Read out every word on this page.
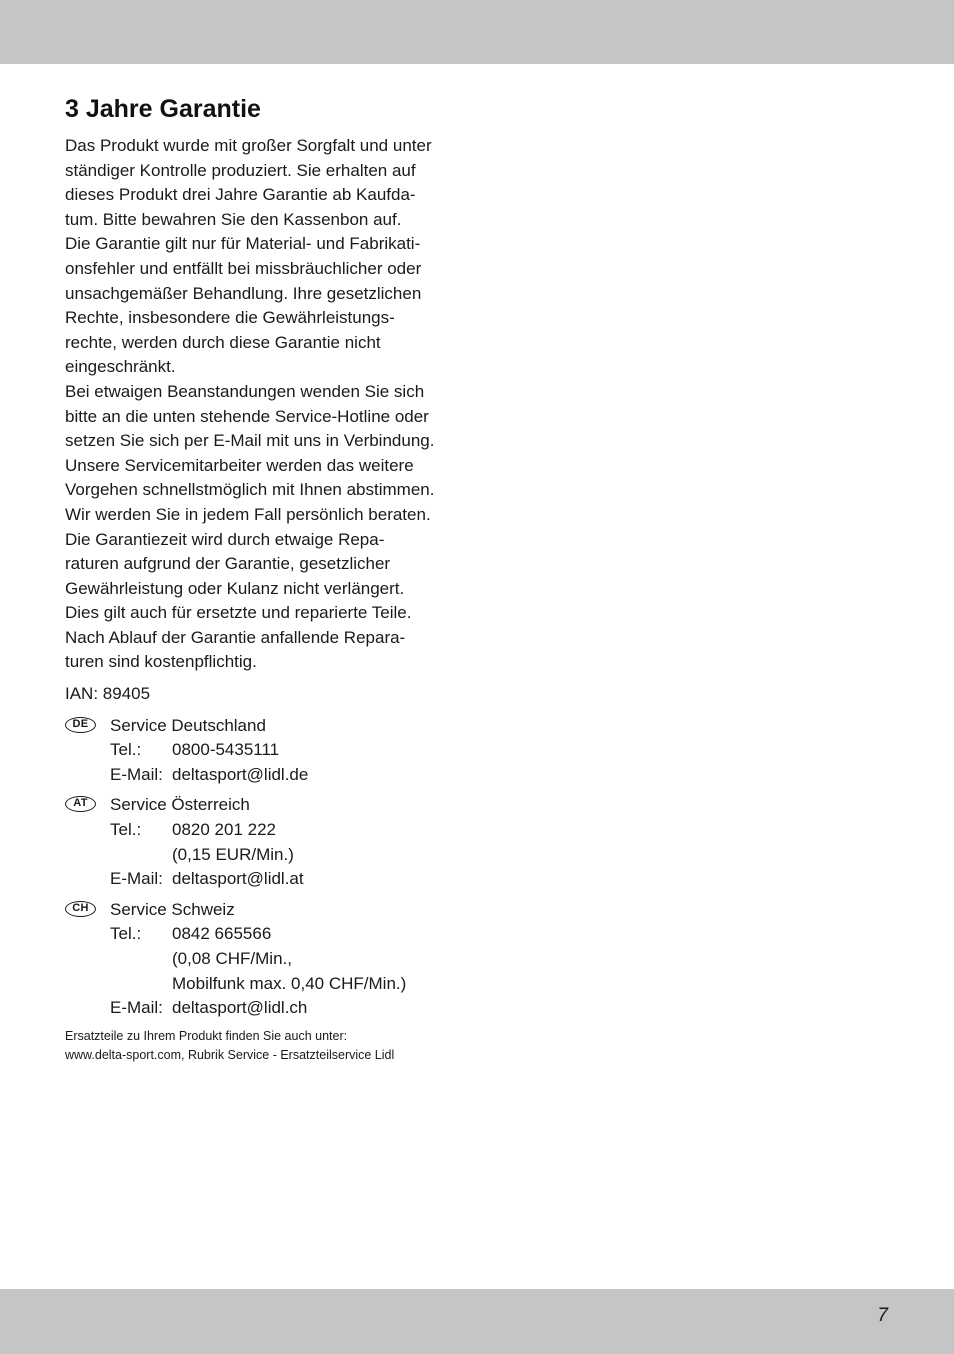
3 Jahre Garantie

Das Produkt wurde mit großer Sorgfalt und unter
ständiger Kontrolle produziert. Sie erhalten auf
dieses Produkt drei Jahre Garantie ab Kaufda-
tum. Bitte bewahren Sie den Kassenbon auf.

Die Garantie gilt nur für Material- und Fabrikati-
onsfehler und entfällt bei missbräuchlicher oder
unsachgemäßer Behandlung. Ihre gesetzlichen
Rechte, insbesondere die Gewährleistungs-
rechte, werden durch diese Garantie nicht
eingeschränkt.

Bei etwaigen Beanstandungen wenden Sie sich
bitte an die unten stehende Service-Hotline oder
setzen Sie sich per E-Mail mit uns in Verbindung.
Unsere Servicemitarbeiter werden das weitere
Vorgehen schnellstmöglich mit Ihnen abstimmen.
Wir werden Sie in jedem Fall persönlich beraten.

Die Garantiezeit wird durch etwaige Repa-
raturen aufgrund der Garantie, gesetzlicher
Gewährleistung oder Kulanz nicht verlängert.
Dies gilt auch für ersetzte und reparierte Teile.
Nach Ablauf der Garantie anfallende Repara-
turen sind kostenpflichtig.

IAN: 89405

DE	Service Deutschland
Tel.:	0800-5435111
E-Mail: deltasport@lidl.de
AT	Service Österreich
Tel.:	0820 201 222
(0,15 EUR/Min.)
E-Mail: deltasport@lidl.at
CH	Service Schweiz
Tel.:	0842 665566
(0,08 CHF/Min.,
Mobilfunk max. 0,40 CHF/Min.)
E-Mail: deltasport@lidl.ch
Ersatzteile zu Ihrem Produkt finden Sie auch unter:
www.delta-sport.com, Rubrik Service - Ersatzteilservice Lidl
7
